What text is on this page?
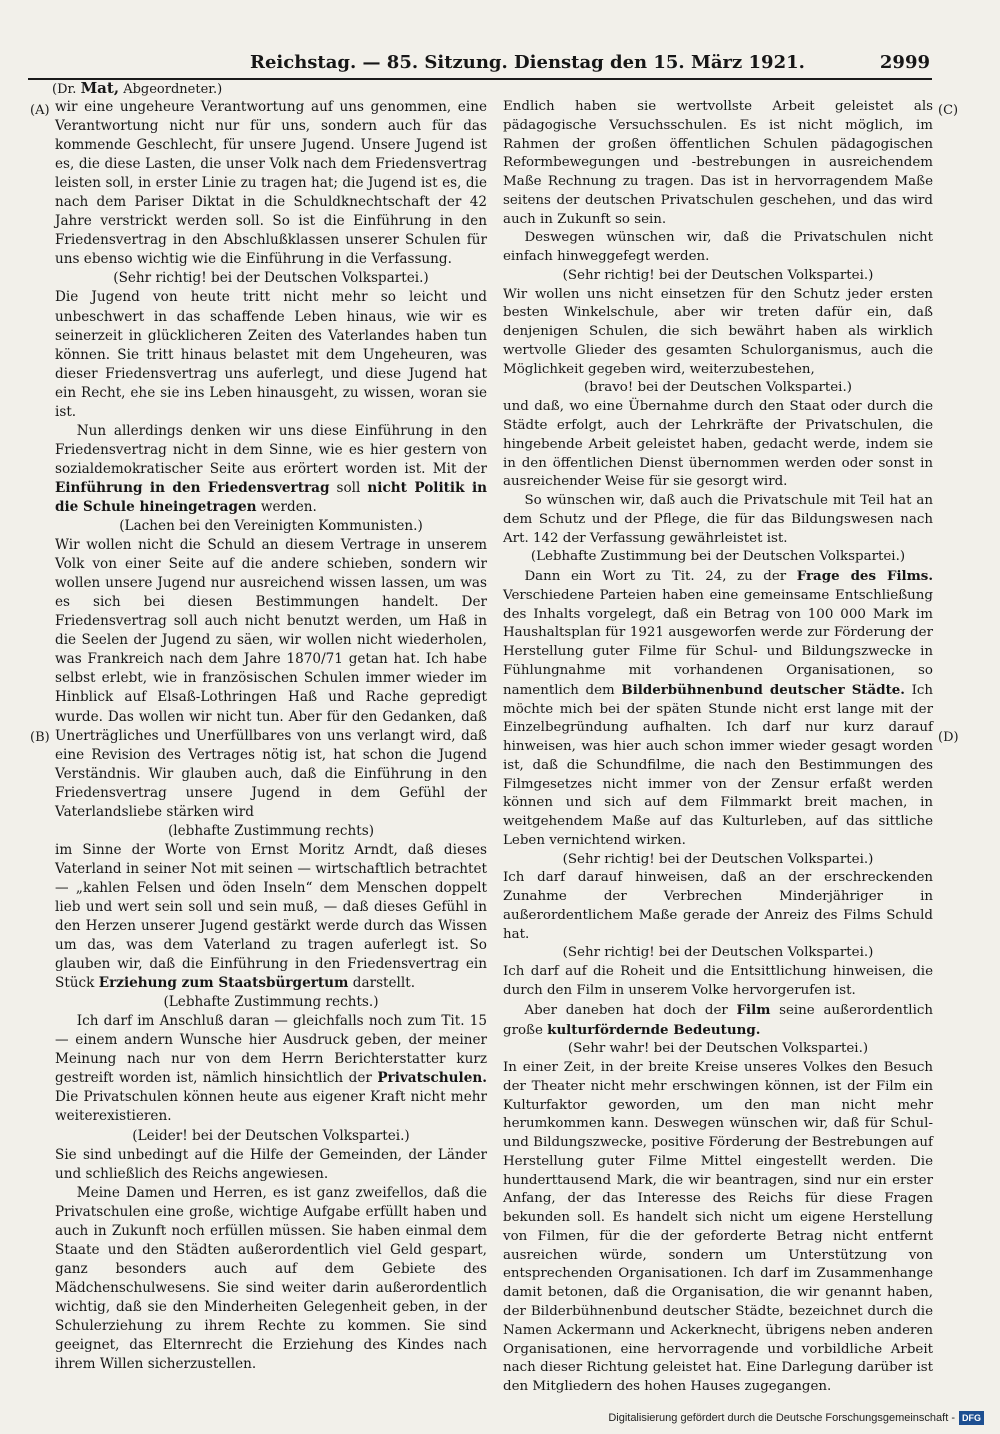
Reichstag. — 85. Sitzung. Dienstag den 15. März 1921.	2999
(Dr. Mat, Abgeordneter.)
(A)
(B)
(C)
(D)

wir eine ungeheure Verantwortung auf uns genommen, eine Verantwortung nicht nur für uns, sondern auch für das kommende Geschlecht, für unsere Jugend. Unsere Jugend ist es, die diese Lasten, die unser Volk nach dem Friedensvertrag leisten soll, in erster Linie zu tragen hat; die Jugend ist es, die nach dem Pariser Diktat in die Schuldknechtschaft der 42 Jahre verstrickt werden soll. So ist die Einführung in den Friedensvertrag in den Abschlußklassen unserer Schulen für uns ebenso wichtig wie die Einführung in die Verfassung.

(Sehr richtig! bei der Deutschen Volkspartei.)

Die Jugend von heute tritt nicht mehr so leicht und unbeschwert in das schaffende Leben hinaus, wie wir es seinerzeit in glücklicheren Zeiten des Vaterlandes haben tun können. Sie tritt hinaus belastet mit dem Ungeheuren, was dieser Friedensvertrag uns auferlegt, und diese Jugend hat ein Recht, ehe sie ins Leben hinausgeht, zu wissen, woran sie ist.

Nun allerdings denken wir uns diese Einführung in den Friedensvertrag nicht in dem Sinne, wie es hier gestern von sozialdemokratischer Seite aus erörtert worden ist. Mit der Einführung in den Friedensvertrag soll nicht Politik in die Schule hineingetragen werden.

(Lachen bei den Vereinigten Kommunisten.)

Wir wollen nicht die Schuld an diesem Vertrage in unserem Volk von einer Seite auf die andere schieben, sondern wir wollen unsere Jugend nur ausreichend wissen lassen, um was es sich bei diesen Bestimmungen handelt. Der Friedensvertrag soll auch nicht benutzt werden, um Haß in die Seelen der Jugend zu säen, wir wollen nicht wiederholen, was Frankreich nach dem Jahre 1870/71 getan hat. Ich habe selbst erlebt, wie in französischen Schulen immer wieder im Hinblick auf Elsaß-Lothringen Haß und Rache gepredigt wurde. Das wollen wir nicht tun. Aber für den Gedanken, daß Unerträgliches und Unerfüllbares von uns verlangt wird, daß eine Revision des Vertrages nötig ist, hat schon die Jugend Verständnis. Wir glauben auch, daß die Einführung in den Friedensvertrag unsere Jugend in dem Gefühl der Vaterlandsliebe stärken wird

(lebhafte Zustimmung rechts)

im Sinne der Worte von Ernst Moritz Arndt, daß dieses Vaterland in seiner Not mit seinen — wirtschaftlich betrachtet — „kahlen Felsen und öden Inseln“ dem Menschen doppelt lieb und wert sein soll und sein muß, — daß dieses Gefühl in den Herzen unserer Jugend gestärkt werde durch das Wissen um das, was dem Vaterland zu tragen auferlegt ist. So glauben wir, daß die Einführung in den Friedensvertrag ein Stück Erziehung zum Staatsbürgertum darstellt.

(Lebhafte Zustimmung rechts.)

Ich darf im Anschluß daran — gleichfalls noch zum Tit. 15 — einem andern Wunsche hier Ausdruck geben, der meiner Meinung nach nur von dem Herrn Berichterstatter kurz gestreift worden ist, nämlich hinsichtlich der Privatschulen. Die Privatschulen können heute aus eigener Kraft nicht mehr weiterexistieren.

(Leider! bei der Deutschen Volkspartei.)

Sie sind unbedingt auf die Hilfe der Gemeinden, der Länder und schließlich des Reichs angewiesen.

Meine Damen und Herren, es ist ganz zweifellos, daß die Privatschulen eine große, wichtige Aufgabe erfüllt haben und auch in Zukunft noch erfüllen müssen. Sie haben einmal dem Staate und den Städten außerordentlich viel Geld gespart, ganz besonders auch auf dem Gebiete des Mädchenschulwesens. Sie sind weiter darin außerordentlich wichtig, daß sie den Minderheiten Gelegenheit geben, in der Schulerziehung zu ihrem Rechte zu kommen. Sie sind geeignet, das Elternrecht die Erziehung des Kindes nach ihrem Willen sicherzustellen.

Endlich haben sie wertvollste Arbeit geleistet als pädagogische Versuchsschulen. Es ist nicht möglich, im Rahmen der großen öffentlichen Schulen pädagogischen Reformbewegungen und -bestrebungen in ausreichendem Maße Rechnung zu tragen. Das ist in hervorragendem Maße seitens der deutschen Privatschulen geschehen, und das wird auch in Zukunft so sein.

Deswegen wünschen wir, daß die Privatschulen nicht einfach hinweggefegt werden.

(Sehr richtig! bei der Deutschen Volkspartei.)

Wir wollen uns nicht einsetzen für den Schutz jeder ersten besten Winkelschule, aber wir treten dafür ein, daß denjenigen Schulen, die sich bewährt haben als wirklich wertvolle Glieder des gesamten Schulorganismus, auch die Möglichkeit gegeben wird, weiterzubestehen,

(bravo! bei der Deutschen Volkspartei.)

und daß, wo eine Übernahme durch den Staat oder durch die Städte erfolgt, auch der Lehrkräfte der Privatschulen, die hingebende Arbeit geleistet haben, gedacht werde, indem sie in den öffentlichen Dienst übernommen werden oder sonst in ausreichender Weise für sie gesorgt wird.

So wünschen wir, daß auch die Privatschule mit Teil hat an dem Schutz und der Pflege, die für das Bildungswesen nach Art. 142 der Verfassung gewährleistet ist.

(Lebhafte Zustimmung bei der Deutschen Volkspartei.)

Dann ein Wort zu Tit. 24, zu der Frage des Films. Verschiedene Parteien haben eine gemeinsame Entschließung des Inhalts vorgelegt, daß ein Betrag von 100 000 Mark im Haushaltsplan für 1921 ausgeworfen werde zur Förderung der Herstellung guter Filme für Schul- und Bildungszwecke in Fühlungnahme mit vorhandenen Organisationen, so namentlich dem Bilderbühnenbund deutscher Städte. Ich möchte mich bei der späten Stunde nicht erst lange mit der Einzelbegründung aufhalten. Ich darf nur kurz darauf hinweisen, was hier auch schon immer wieder gesagt worden ist, daß die Schundfilme, die nach den Bestimmungen des Filmgesetzes nicht immer von der Zensur erfaßt werden können und sich auf dem Filmmarkt breit machen, in weitgehendem Maße auf das Kulturleben, auf das sittliche Leben vernichtend wirken.

(Sehr richtig! bei der Deutschen Volkspartei.)

Ich darf darauf hinweisen, daß an der erschreckenden Zunahme der Verbrechen Minderjähriger in außerordentlichem Maße gerade der Anreiz des Films Schuld hat.

(Sehr richtig! bei der Deutschen Volkspartei.)

Ich darf auf die Roheit und die Entsittlichung hinweisen, die durch den Film in unserem Volke hervorgerufen ist.

Aber daneben hat doch der Film seine außerordentlich große kulturfördernde Bedeutung.

(Sehr wahr! bei der Deutschen Volkspartei.)

In einer Zeit, in der breite Kreise unseres Volkes den Besuch der Theater nicht mehr erschwingen können, ist der Film ein Kulturfaktor geworden, um den man nicht mehr herumkommen kann. Deswegen wünschen wir, daß für Schul- und Bildungszwecke, positive Förderung der Bestrebungen auf Herstellung guter Filme Mittel eingestellt werden. Die hunderttausend Mark, die wir beantragen, sind nur ein erster Anfang, der das Interesse des Reichs für diese Fragen bekunden soll. Es handelt sich nicht um eigene Herstellung von Filmen, für die der geforderte Betrag nicht entfernt ausreichen würde, sondern um Unterstützung von entsprechenden Organisationen. Ich darf im Zusammenhange damit betonen, daß die Organisation, die wir genannt haben, der Bilderbühnenbund deutscher Städte, bezeichnet durch die Namen Ackermann und Ackerknecht, übrigens neben anderen Organisationen, eine hervorragende und vorbildliche Arbeit nach dieser Richtung geleistet hat. Eine Darlegung darüber ist den Mitgliedern des hohen Hauses zugegangen.

Digitalisierung gefördert durch die Deutsche Forschungsgemeinschaft - DFG
